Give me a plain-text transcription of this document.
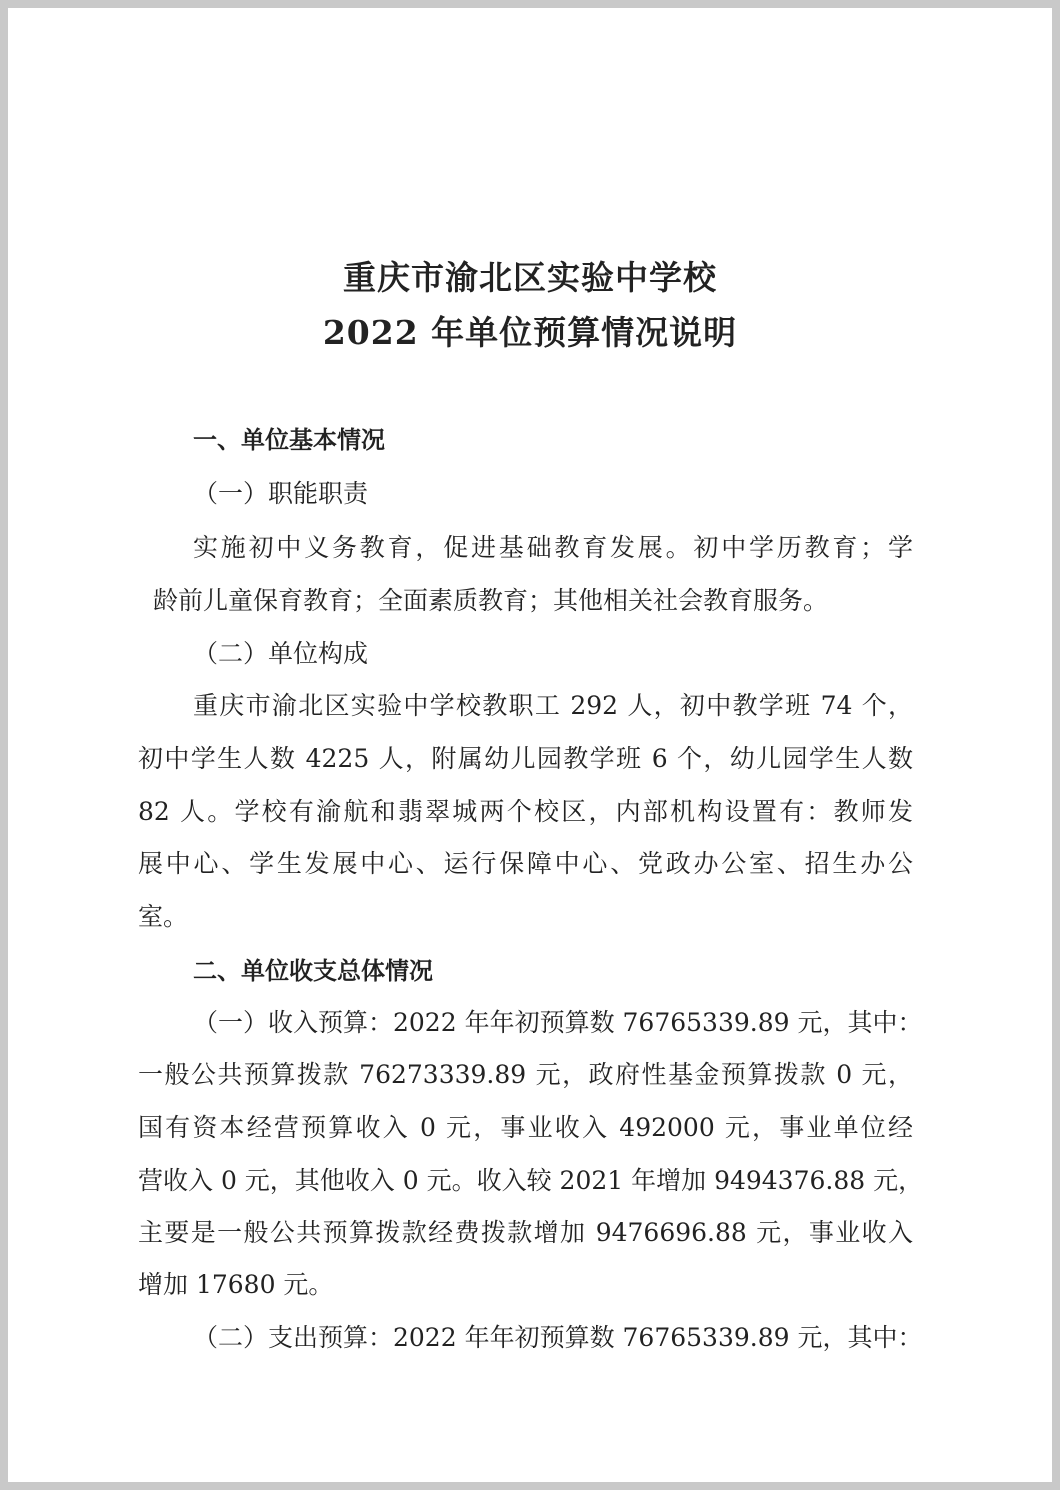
重庆市渝北区实验中学校
2022 年单位预算情况说明
一、单位基本情况
（一）职能职责
实施初中义务教育，促进基础教育发展。初中学历教育；学
龄前儿童保育教育；全面素质教育；其他相关社会教育服务。
（二）单位构成
重庆市渝北区实验中学校教职工 292 人，初中教学班 74 个，
初中学生人数 4225 人，附属幼儿园教学班 6 个，幼儿园学生人数
82 人。学校有渝航和翡翠城两个校区，内部机构设置有：教师发
展中心、学生发展中心、运行保障中心、党政办公室、招生办公
室。
二、单位收支总体情况
（一）收入预算：2022 年年初预算数 76765339.89 元，其中：
一般公共预算拨款 76273339.89 元，政府性基金预算拨款 0 元，
国有资本经营预算收入 0 元，事业收入 492000 元，事业单位经
营收入 0 元，其他收入 0 元。收入较 2021 年增加 9494376.88 元，
主要是一般公共预算拨款经费拨款增加 9476696.88 元，事业收入
增加 17680 元。
（二）支出预算：2022 年年初预算数 76765339.89 元，其中：
